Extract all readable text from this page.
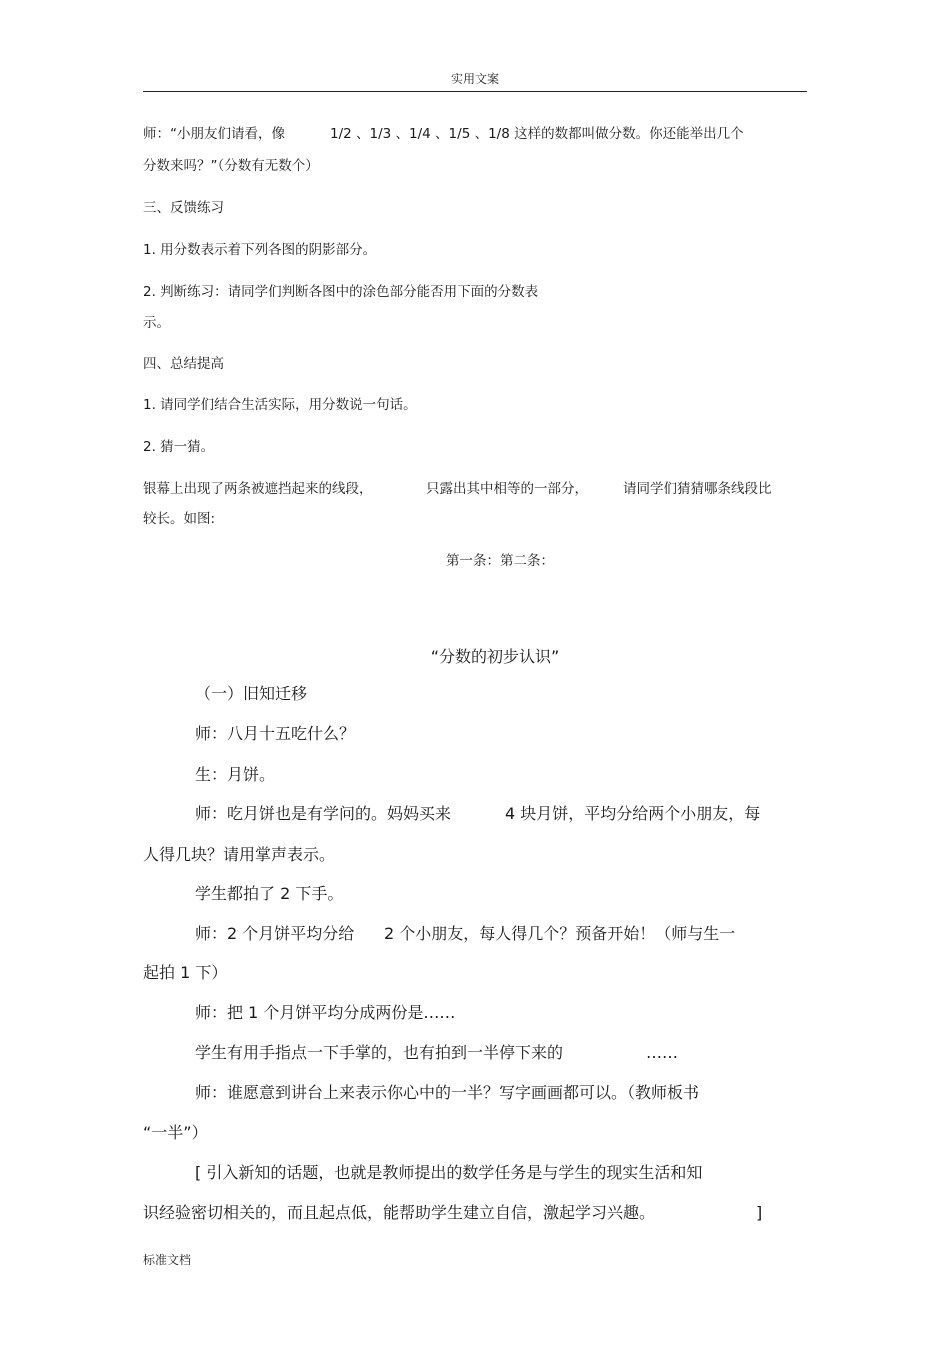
实用文案
师：“小朋友们请看，像	1/2 、1/3 、1/4 、1/5 、1/8 这样的数都叫做分数。你还能举出几个
分数来吗？”（分数有无数个）
三、反馈练习
1. 用分数表示着下列各图的阴影部分。
2. 判断练习：请同学们判断各图中的涂色部分能否用下面的分数表
示。
四、总结提高
1. 请同学们结合生活实际，用分数说一句话。
2. 猜一猜。
银幕上出现了两条被遮挡起来的线段，	只露出其中相等的一部分，	请同学们猜猜哪条线段比
较长。如图:
第一条：第二条：
“分数的初步认识”
（一）旧知迁移
师：八月十五吃什么？
生：月饼。
师：吃月饼也是有学问的。妈妈买来	4 块月饼，平均分给两个小朋友，每
人得几块？请用掌声表示。
学生都拍了 2 下手。
师：2 个月饼平均分给 2 个小朋友，每人得几个？预备开始！（师与生一
起拍 1 下）
师：把 1 个月饼平均分成两份是……
学生有用手指点一下手掌的，也有拍到一半停下来的	……
师：谁愿意到讲台上来表示你心中的一半？写字画画都可以。（教师板书
“一半”）
[ 引入新知的话题，也就是教师提出的数学任务是与学生的现实生活和知
识经验密切相关的，而且起点低，能帮助学生建立自信，激起学习兴趣。	]
标准文档
